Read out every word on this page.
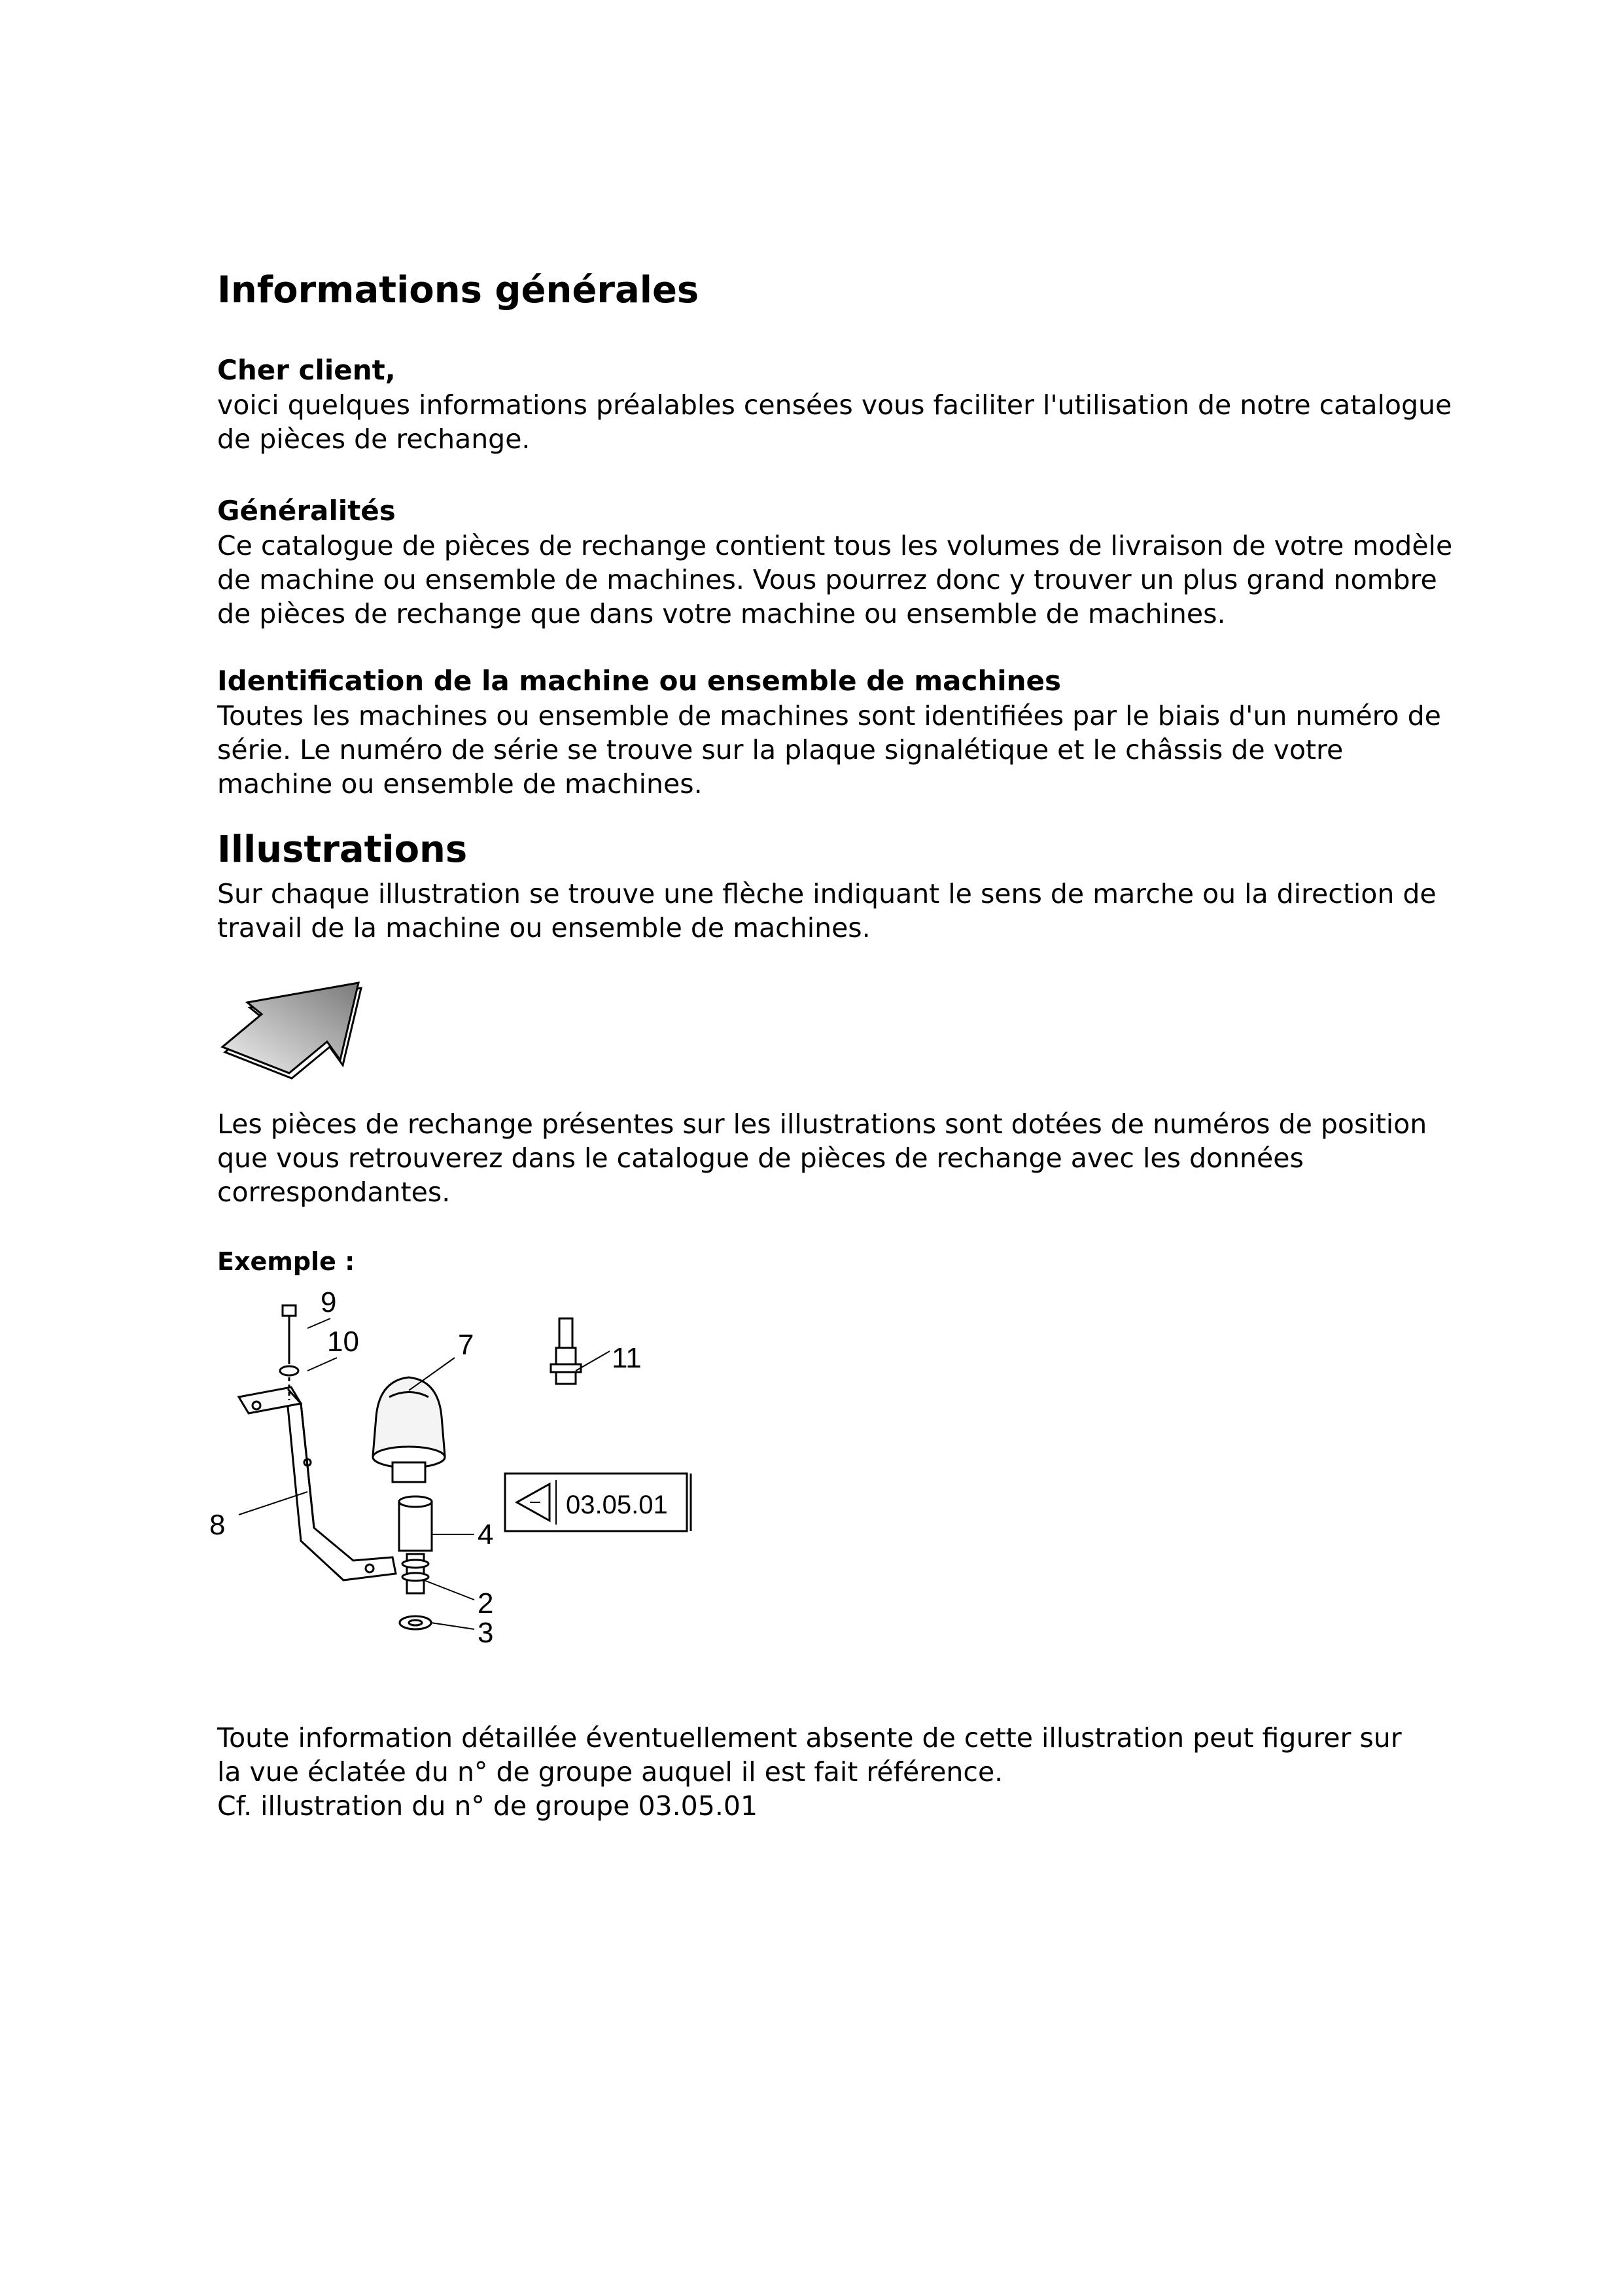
Informations générales
Cher client,

voici quelques informations préalables censées vous faciliter l'utilisation de notre catalogue de pièces de rechange.

Généralités

Ce catalogue de pièces de rechange contient tous les volumes de livraison de votre modèle de machine ou ensemble de machines. Vous pourrez donc y trouver un plus grand nombre de pièces de rechange que dans votre machine ou ensemble de machines.

Identification de la machine ou ensemble de machines

Toutes les machines ou ensemble de machines sont identifiées par le biais d'un numéro de série. Le numéro de série se trouve sur la plaque signalétique et le châssis de votre machine ou ensemble de machines.

Illustrations

Sur chaque illustration se trouve une flèche indiquant le sens de marche ou la direction de travail de la machine ou ensemble de machines.

Les pièces de rechange présentes sur les illustrations sont dotées de numéros de position que vous retrouverez dans le catalogue de pièces de rechange avec les données correspondantes.

Exemple :

9
10	7	11
8	4
2
3
03.05.01

Toute information détaillée éventuellement absente de cette illustration peut figurer sur

la vue éclatée du n° de groupe auquel il est fait référence.

Cf. illustration du n° de groupe 03.05.01
